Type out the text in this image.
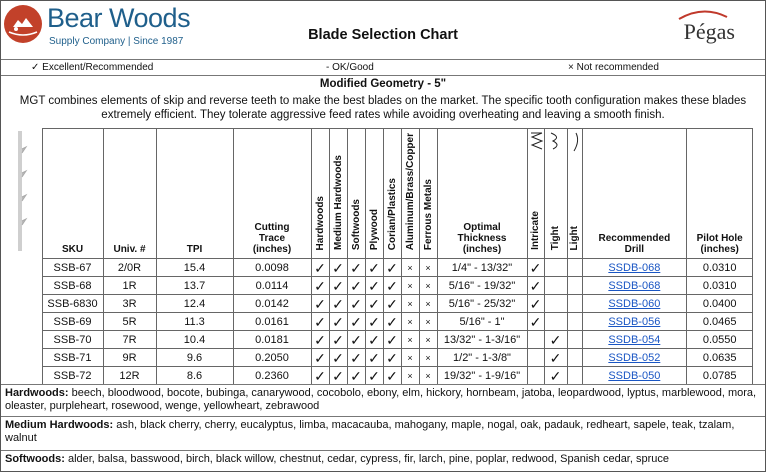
Bear Woods
Supply Company | Since 1987	Blade Selection Chart	Pégas
✓ Excellent/Recommended	- OK/Good	× Not recommended
Modified Geometry - 5"
MGT combines elements of skip and reverse teeth to make the best blades on the market. The specific tooth configuration makes these blades extremely efficient. They tolerate aggressive feed rates while avoiding overheating and leaving a smooth finish.
	SKU	Univ. #	TPI	Cutting Trace (inches)	Hardwoods	Medium Hardwoods	Softwoods	Plywood	Corian/Plastics	Aluminum/Brass/Copper	Ferrous Metals	Optimal Thickness (inches)	Intricate	Tight	Light	Recommended Drill	Pilot Hole (inches)
	SSB-67	2/0R	15.4	0.0098	✓	✓	✓	✓	✓	×	×	1/4" - 13/32"	✓			SSDB-068	0.0310
	SSB-68	1R	13.7	0.0114	✓	✓	✓	✓	✓	×	×	5/16" - 19/32"	✓			SSDB-068	0.0310
	SSB-6830	3R	12.4	0.0142	✓	✓	✓	✓	✓	×	×	5/16" - 25/32"	✓			SSDB-060	0.0400
	SSB-69	5R	11.3	0.0161	✓	✓	✓	✓	✓	×	×	5/16" - 1"	✓			SSDB-056	0.0465
	SSB-70	7R	10.4	0.0181	✓	✓	✓	✓	✓	×	×	13/32" - 1-3/16"		✓		SSDB-054	0.0550
	SSB-71	9R	9.6	0.2050	✓	✓	✓	✓	✓	×	×	1/2" - 1-3/8"		✓		SSDB-052	0.0635
	SSB-72	12R	8.6	0.2360	✓	✓	✓	✓	✓	×	×	19/32" - 1-9/16"		✓		SSDB-050	0.0785
Hardwoods: beech, bloodwood, bocote, bubinga, canarywood, cocobolo, ebony, elm, hickory, hornbeam, jatoba, leopardwood, lyptus, marblewood, mora, oleaster, purpleheart, rosewood, wenge, yellowheart, zebrawood
Medium Hardwoods: ash, black cherry, cherry, eucalyptus, limba, macacauba, mahogany, maple, nogal, oak, padauk, redheart, sapele, teak, tzalam, walnut
Softwoods: alder, balsa, basswood, birch, black willow, chestnut, cedar, cypress, fir, larch, pine, poplar, redwood, Spanish cedar, spruce
